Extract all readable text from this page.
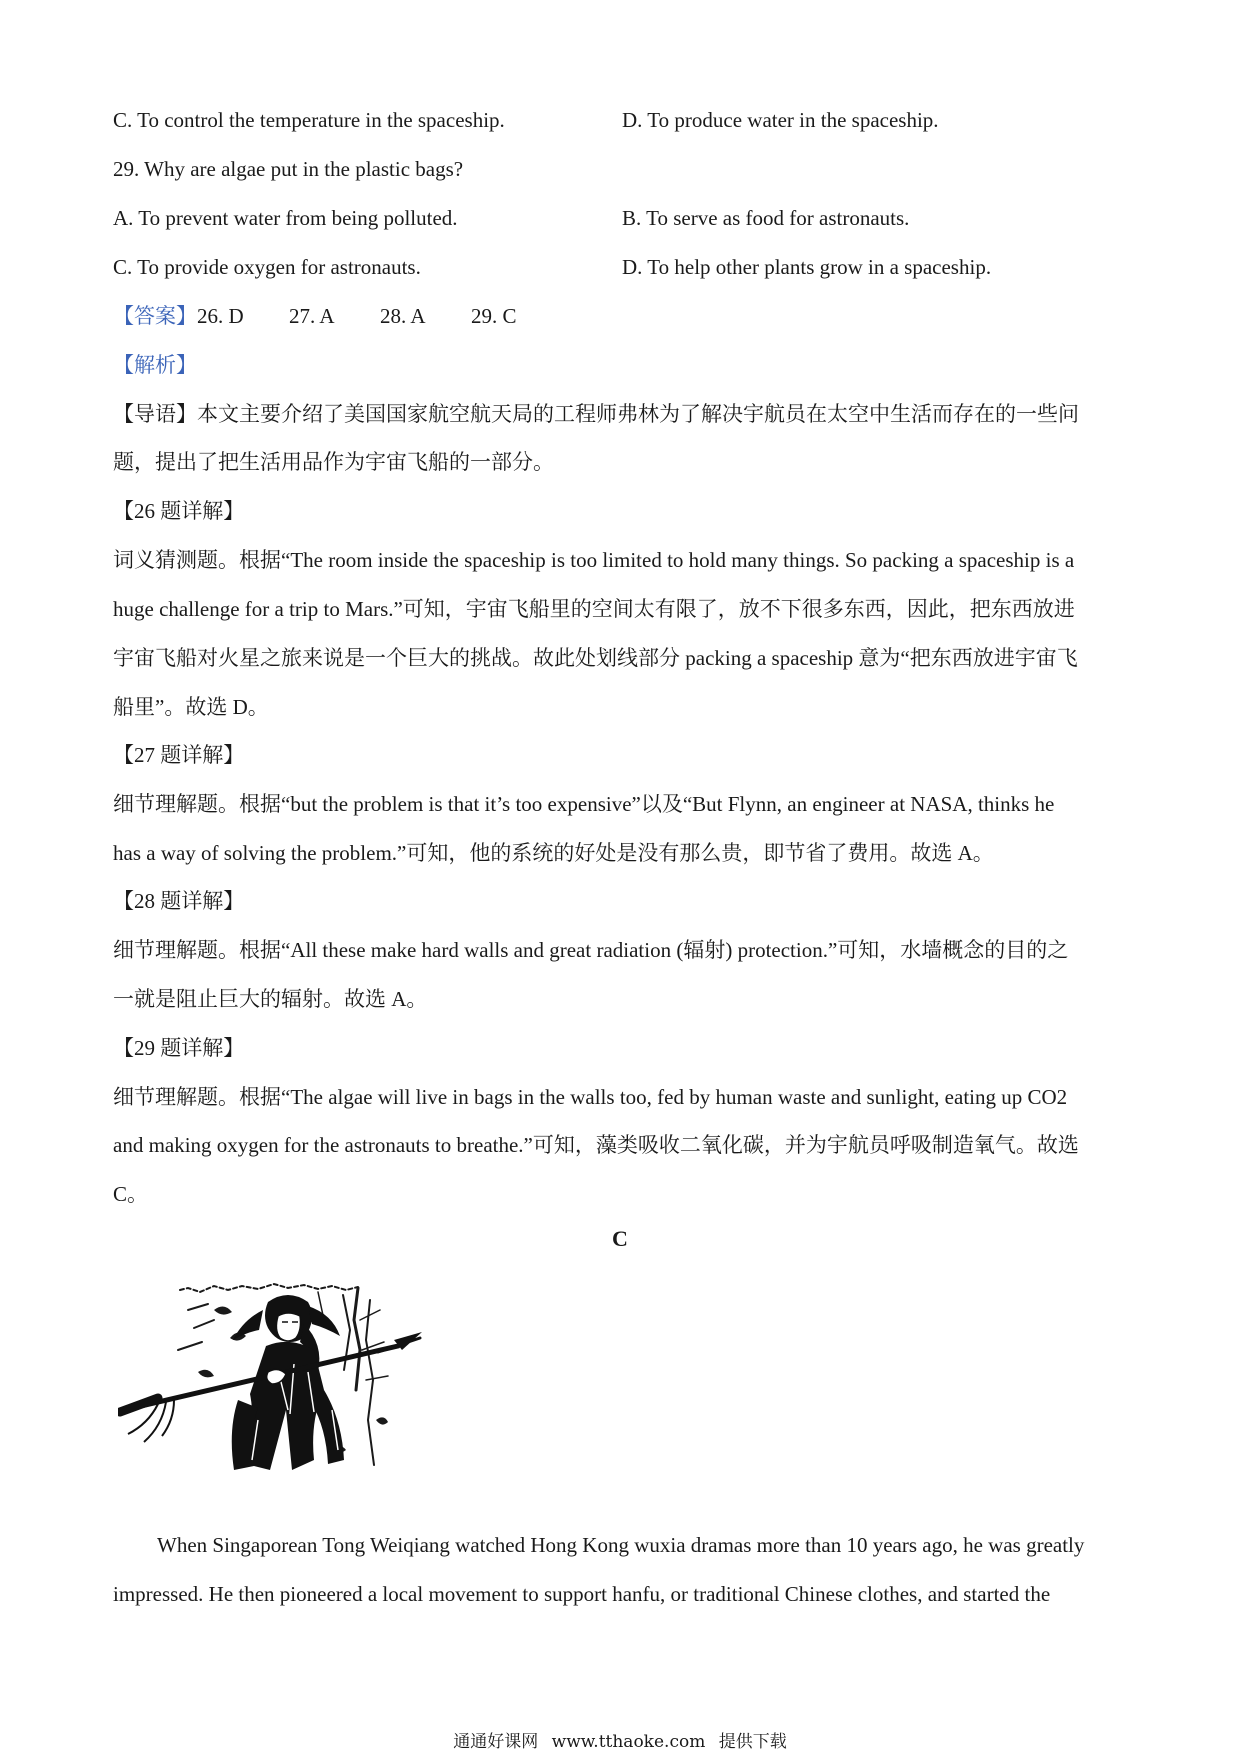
C. To control the temperature in the spaceship.	D. To produce water in the spaceship.
29. Why are algae put in the plastic bags?
A. To prevent water from being polluted.	B. To serve as food for astronauts.
C. To provide oxygen for astronauts.	D. To help other plants grow in a spaceship.
【答案】26. D 27. A 28. A 29. C
【解析】
【导语】本文主要介绍了美国国家航空航天局的工程师弗林为了解决宇航员在太空中生活而存在的一些问
题，提出了把生活用品作为宇宙飞船的一部分。
【26 题详解】
词义猜测题。根据“The room inside the spaceship is too limited to hold many things. So packing a spaceship is a
huge challenge for a trip to Mars.”可知，宇宙飞船里的空间太有限了，放不下很多东西，因此，把东西放进
宇宙飞船对火星之旅来说是一个巨大的挑战。故此处划线部分 packing a spaceship 意为“把东西放进宇宙飞
船里”。故选 D。
【27 题详解】
细节理解题。根据“but the problem is that it’s too expensive”以及“But Flynn, an engineer at NASA, thinks he
has a way of solving the problem.”可知，他的系统的好处是没有那么贵，即节省了费用。故选 A。
【28 题详解】
细节理解题。根据“All these make hard walls and great radiation (辐射) protection.”可知，水墙概念的目的之
一就是阻止巨大的辐射。故选 A。
【29 题详解】
细节理解题。根据“The algae will live in bags in the walls too, fed by human waste and sunlight, eating up CO2
and making oxygen for the astronauts to breathe.”可知，藻类吸收二氧化碳，并为宇航员呼吸制造氧气。故选
C。
C
When Singaporean Tong Weiqiang watched Hong Kong wuxia dramas more than 10 years ago, he was greatly
impressed. He then pioneered a local movement to support hanfu, or traditional Chinese clothes, and started the
通通好课网 www.tthaoke.com 提供下载
